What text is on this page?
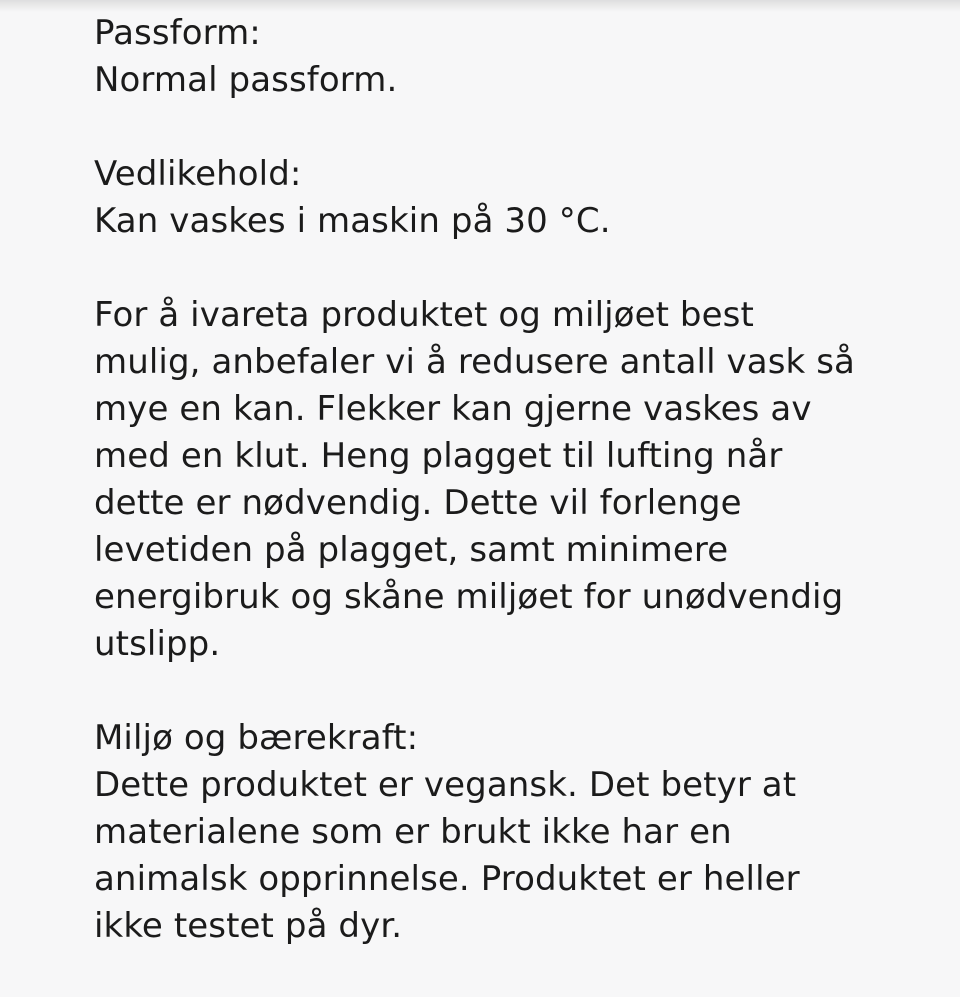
Passform:
Normal passform.
Vedlikehold:
Kan vaskes i maskin på 30 °C.
For å ivareta produktet og miljøet best
mulig, anbefaler vi å redusere antall vask så
mye en kan. Flekker kan gjerne vaskes av
med en klut. Heng plagget til lufting når
dette er nødvendig. Dette vil forlenge
levetiden på plagget, samt minimere
energibruk og skåne miljøet for unødvendig
utslipp.
Miljø og bærekraft:
Dette produktet er vegansk. Det betyr at
materialene som er brukt ikke har en
animalsk opprinnelse. Produktet er heller
ikke testet på dyr.
